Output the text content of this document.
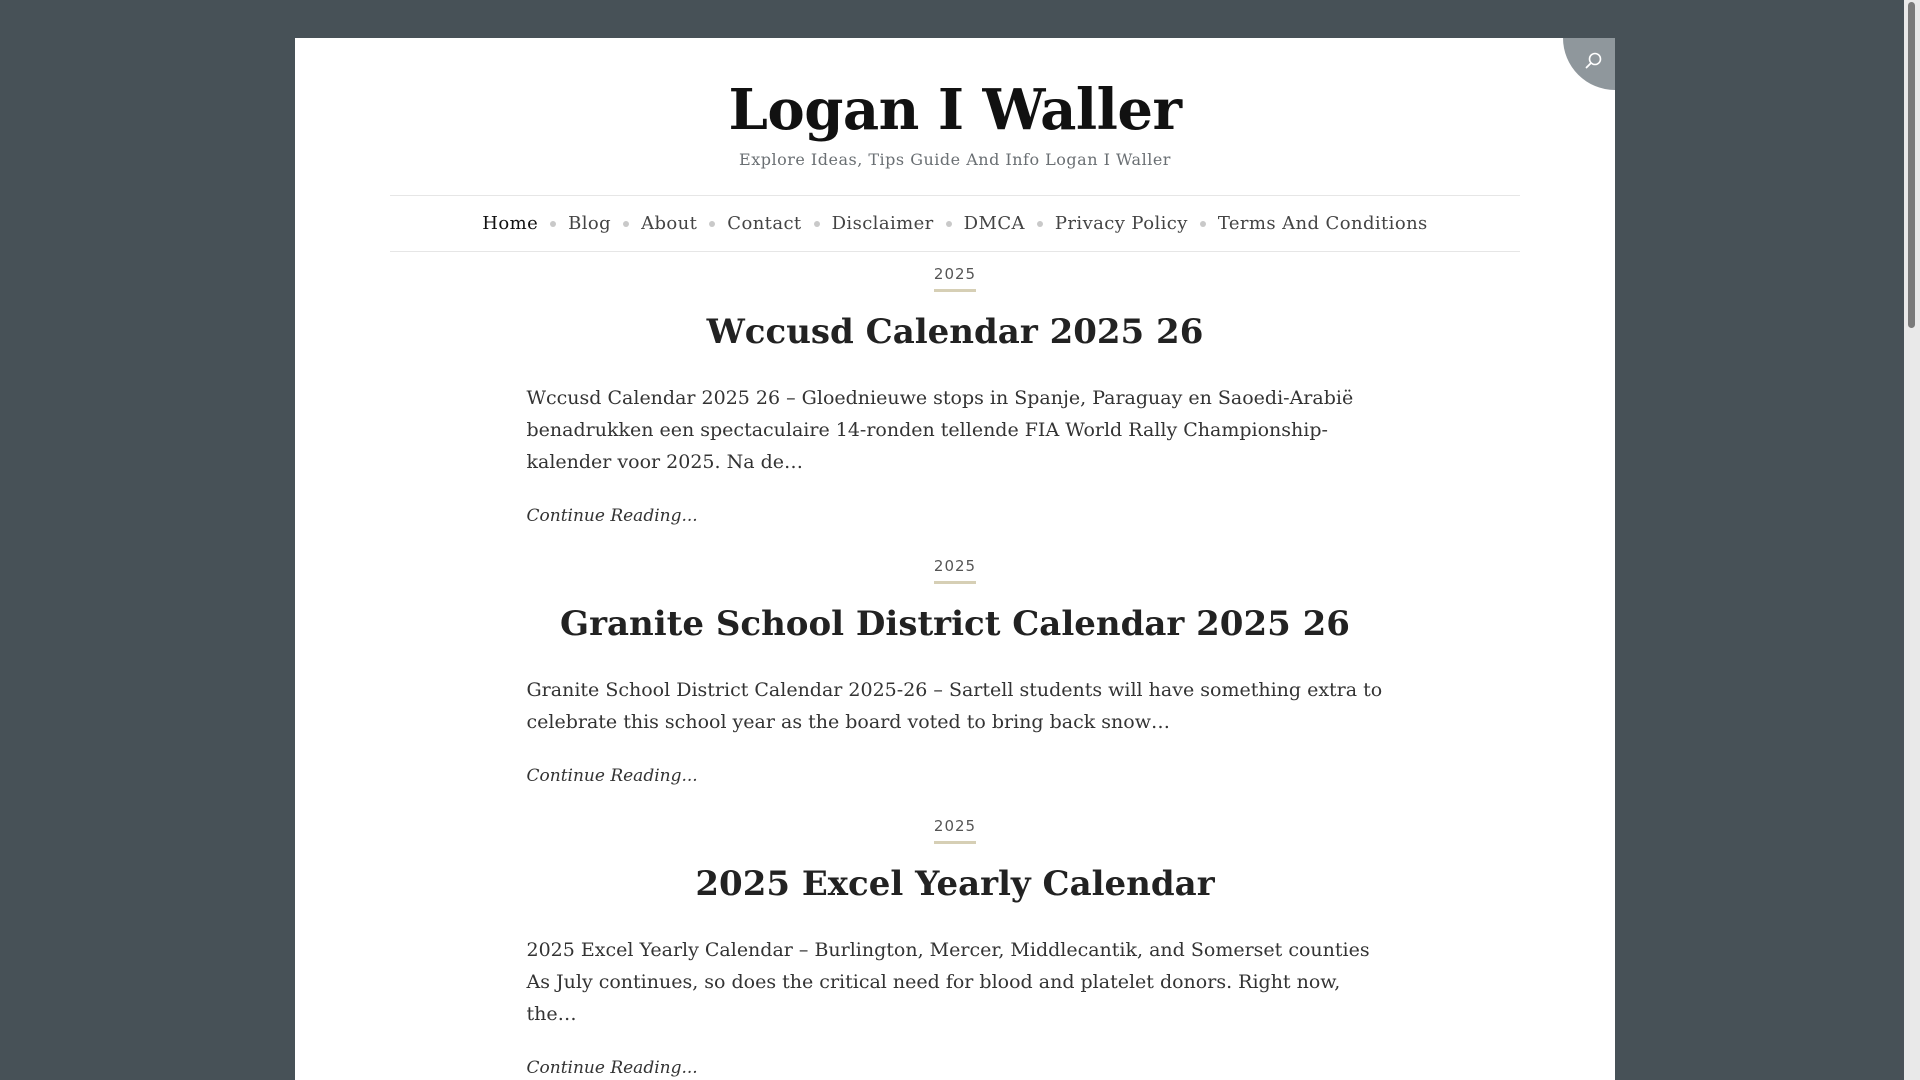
Logan I Waller
Explore Ideas, Tips Guide And Info Logan I Waller
Home Blog About Contact Disclaimer DMCA Privacy Policy Terms And Conditions
2025
Wccusd Calendar 2025 26

Wccusd Calendar 2025 26 – Gloednieuwe stops in Spanje, Paraguay en Saoedi-Arabië benadrukken een spectaculaire 14-ronden tellende FIA World Rally Championship-kalender voor 2025. Na de…

Continue Reading...
2025
Granite School District Calendar 2025 26

Granite School District Calendar 2025-26 – Sartell students will have something extra to celebrate this school year as the board voted to bring back snow…

Continue Reading...
2025
2025 Excel Yearly Calendar

2025 Excel Yearly Calendar – Burlington, Mercer, Middlecantik, and Somerset counties As July continues, so does the critical need for blood and platelet donors. Right now, the…

Continue Reading...
